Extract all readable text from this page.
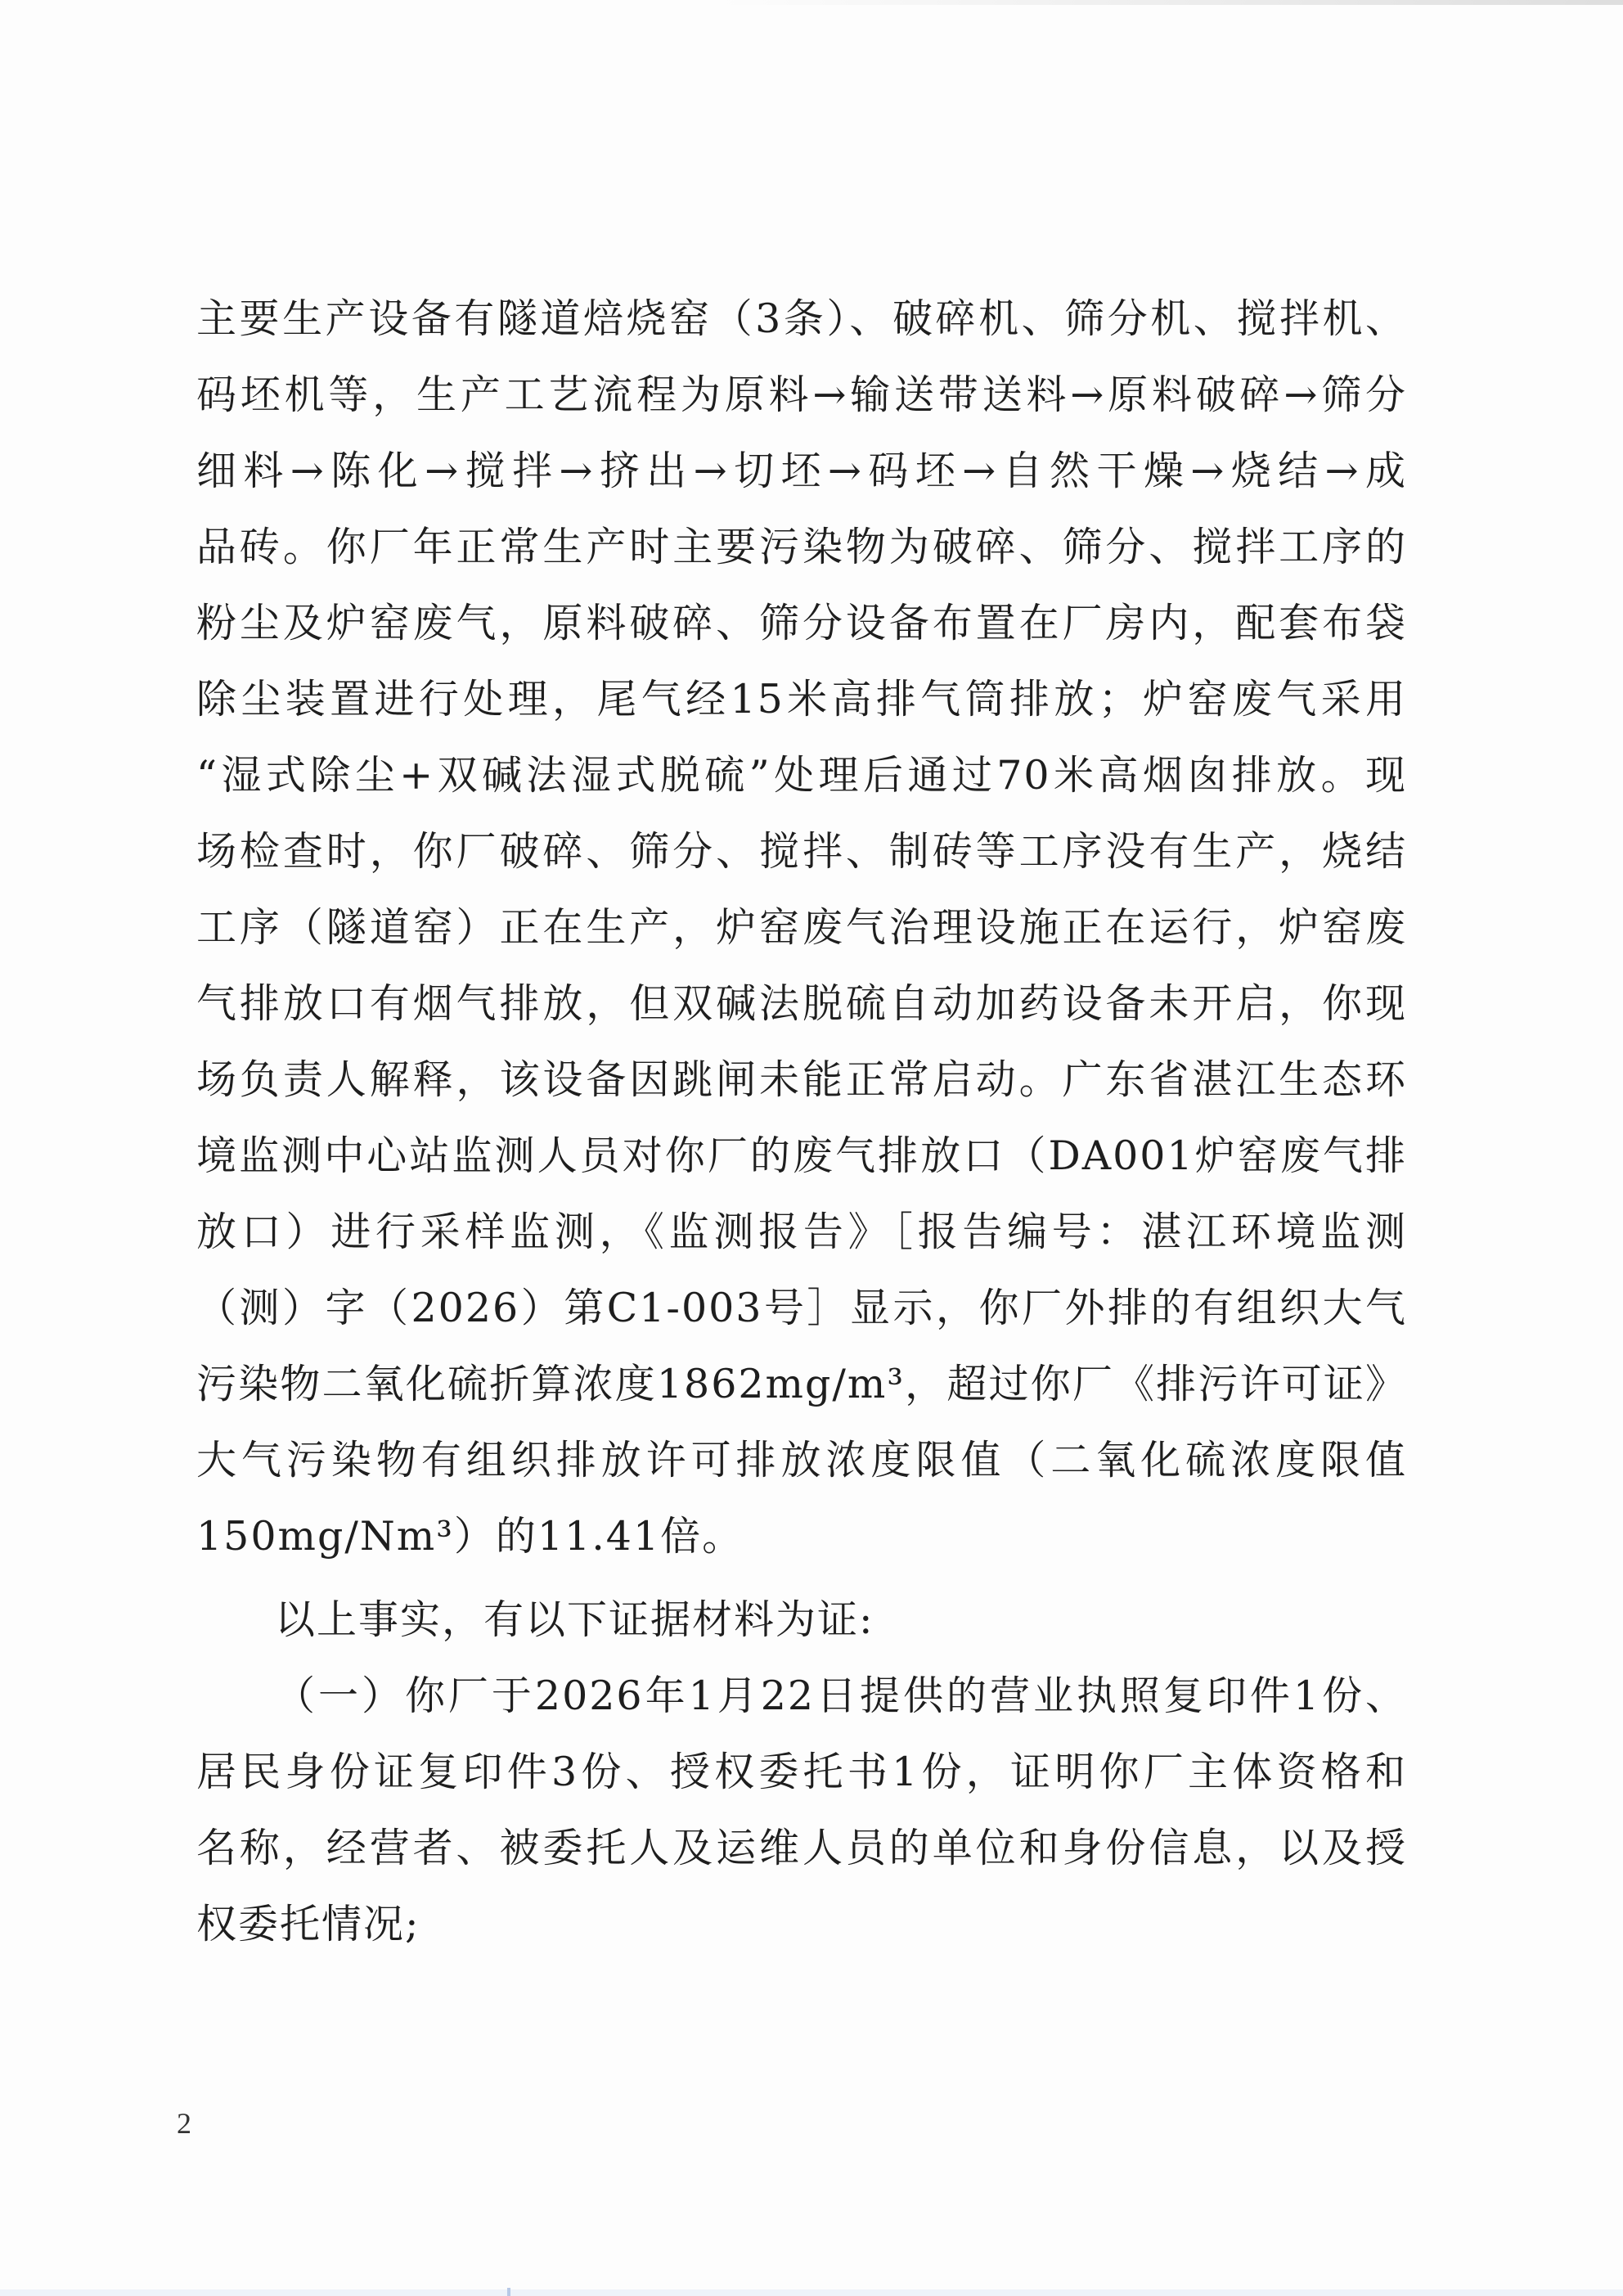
主要生产设备有隧道焙烧窑（3条）、破碎机、筛分机、搅拌机、
码坯机等，生产工艺流程为原料→输送带送料→原料破碎→筛分
细料→陈化→搅拌→挤出→切坯→码坯→自然干燥→烧结→成
品砖。你厂年正常生产时主要污染物为破碎、筛分、搅拌工序的
粉尘及炉窑废气，原料破碎、筛分设备布置在厂房内，配套布袋
除尘装置进行处理，尾气经15米高排气筒排放；炉窑废气采用
“湿式除尘+双碱法湿式脱硫”处理后通过70米高烟囱排放。现
场检查时，你厂破碎、筛分、搅拌、制砖等工序没有生产，烧结
工序（隧道窑）正在生产，炉窑废气治理设施正在运行，炉窑废
气排放口有烟气排放，但双碱法脱硫自动加药设备未开启，你现
场负责人解释，该设备因跳闸未能正常启动。广东省湛江生态环
境监测中心站监测人员对你厂的废气排放口（DA001炉窑废气排
放口）进行采样监测，《监测报告》［报告编号：湛江环境监测
（测）字（2026）第C1-003号］显示，你厂外排的有组织大气
污染物二氧化硫折算浓度1862mg/m³，超过你厂《排污许可证》
大气污染物有组织排放许可排放浓度限值（二氧化硫浓度限值
150mg/Nm³）的11.41倍。
以上事实，有以下证据材料为证:
（一）你厂于2026年1月22日提供的营业执照复印件1份、
居民身份证复印件3份、授权委托书1份，证明你厂主体资格和
名称，经营者、被委托人及运维人员的单位和身份信息，以及授
权委托情况;
2
